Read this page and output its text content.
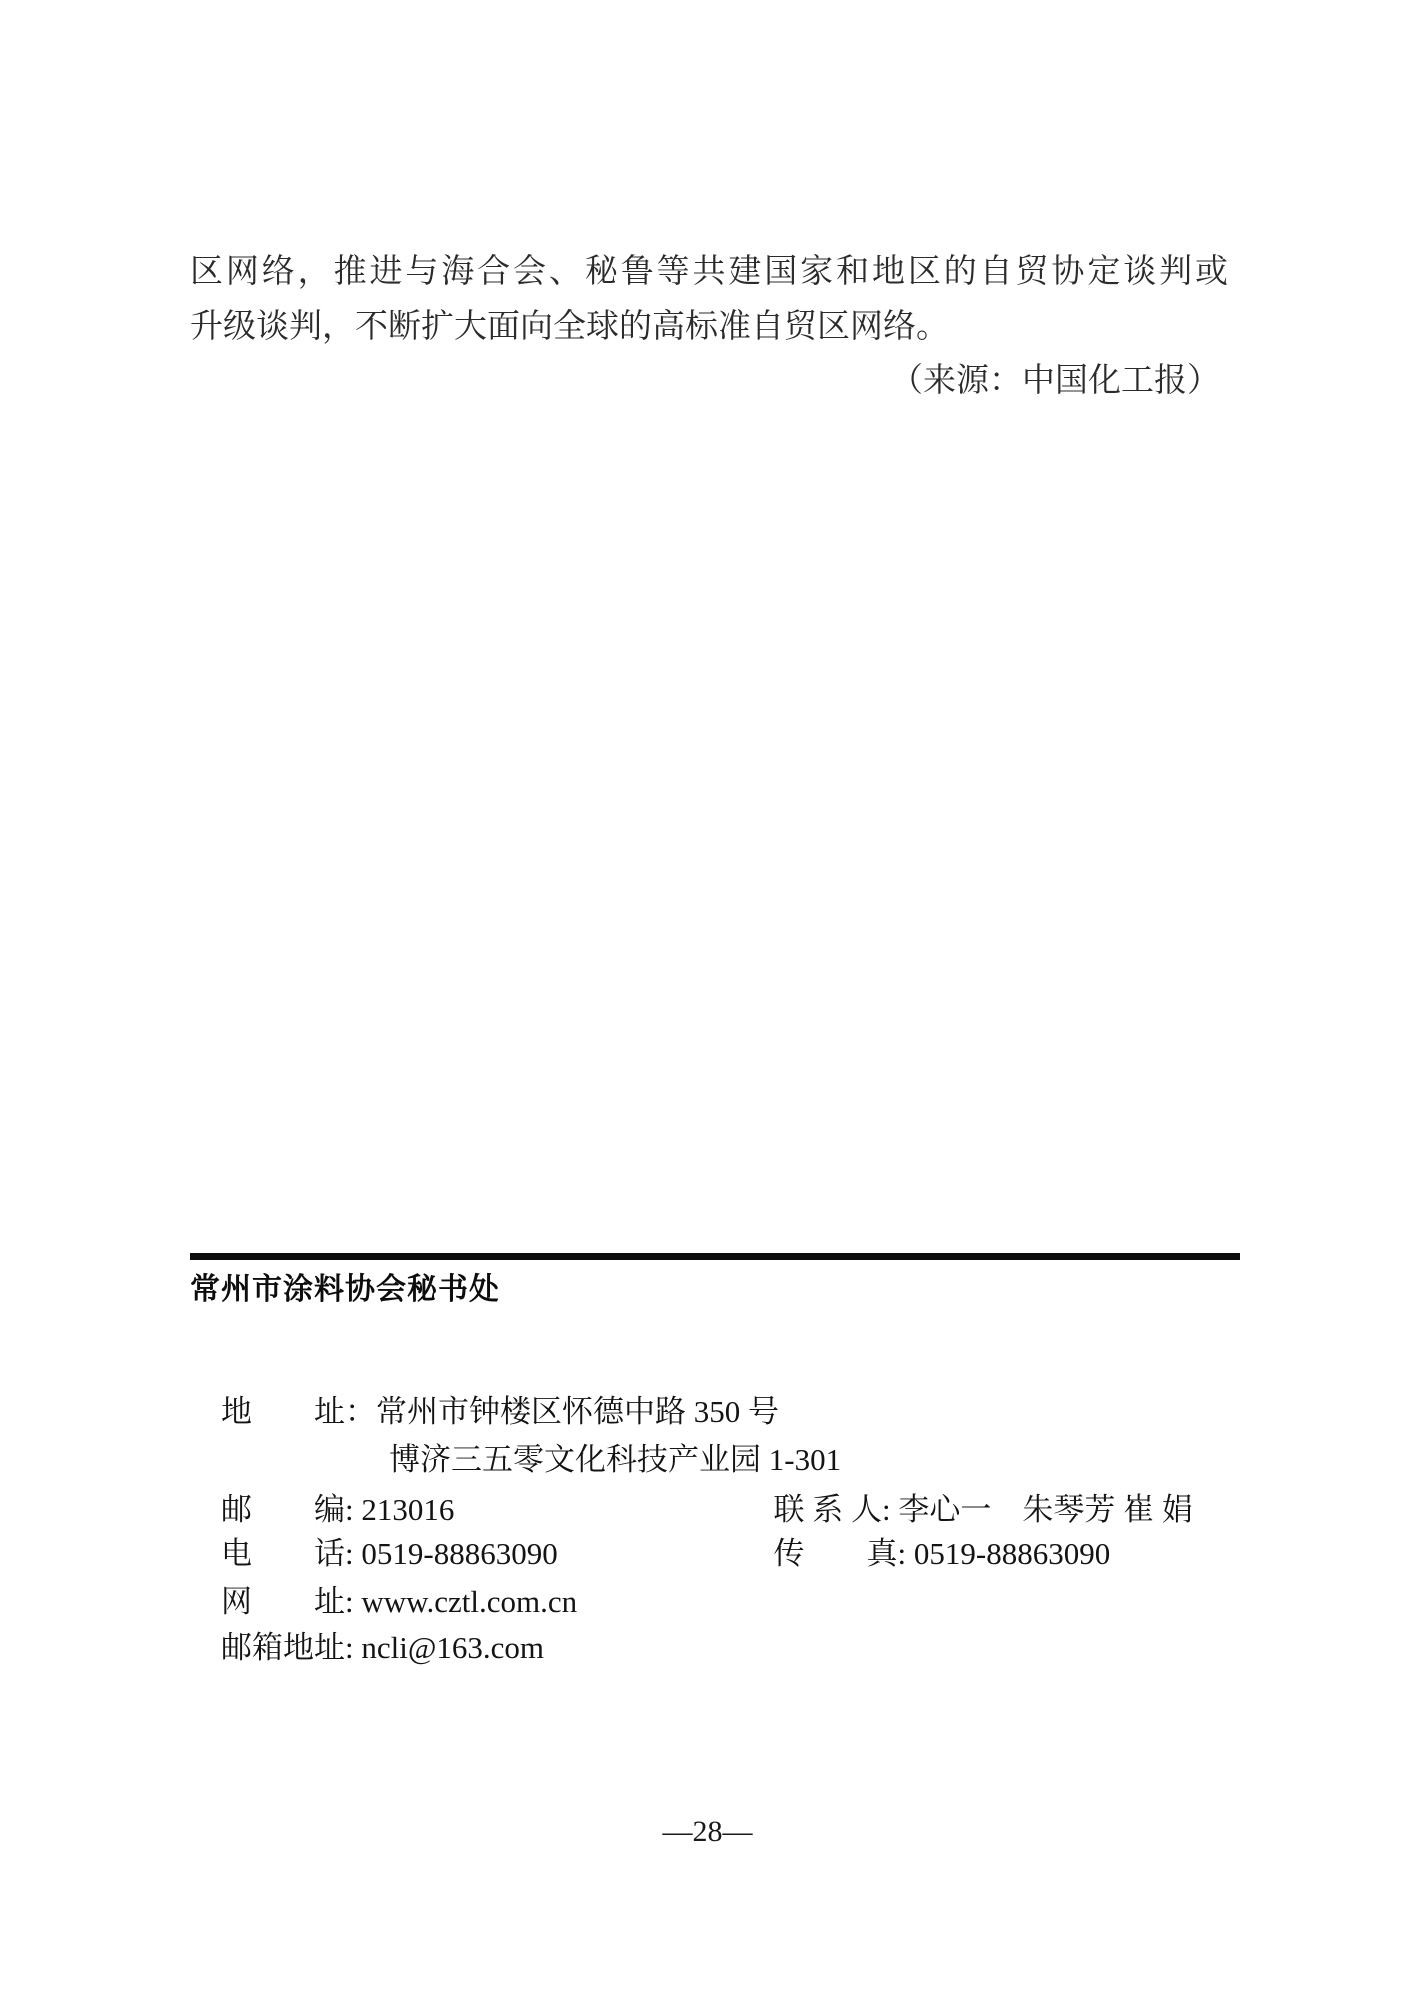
区网络，推进与海合会、秘鲁等共建国家和地区的自贸协定谈判或
升级谈判，不断扩大面向全球的高标准自贸区网络。
（来源：中国化工报）
常州市涂料协会秘书处

地　　址：常州市钟楼区怀德中路 350 号

博济三五零文化科技产业园 1-301

邮　　编: 213016
	联 系 人: 李心一　朱琴芳 崔 娟

电　　话: 0519-88863090
	传　　真: 0519-88863090

网　　址: www.cztl.com.cn

邮箱地址: ncli@163.com

—28—
